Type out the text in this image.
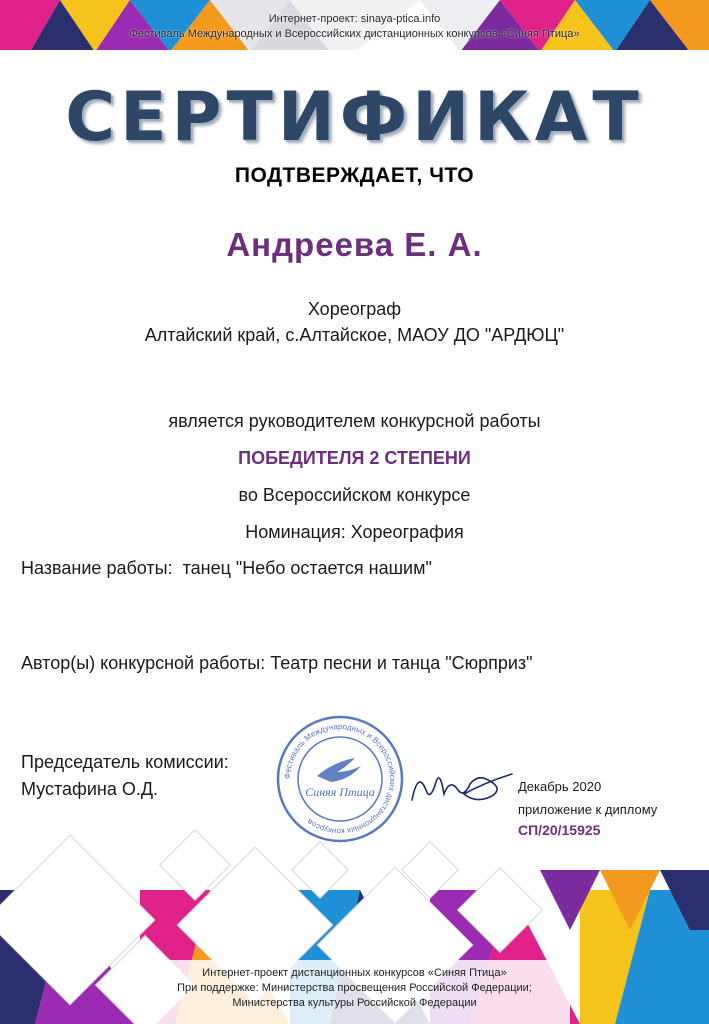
Интернет-проект: sinaya-ptica.info
Фестиваль Международных и Всероссийских дистанционных конкурсов «Синяя Птица»
СЕРТИФИКАТ
ПОДТВЕРЖДАЕТ, ЧТО
Андреева Е. А.
Хореограф
Алтайский край, с.Алтайское, МАОУ ДО "АРДЮЦ"
является руководителем конкурсной работы
ПОБЕДИТЕЛЯ 2 СТЕПЕНИ
во Всероссийском конкурсе
Номинация: Хореография
Название работы:  танец "Небо остается нашим"
Автор(ы) конкурсной работы: Театр песни и танца "Сюрприз"
Председатель комиссии:
Мустафина О.Д.
Фестиваль Международных и Всероссийских дистанционных конкурсов
Синяя Птица	Декабрь 2020
приложение к диплому
СП/20/15925
Интернет-проект дистанционных конкурсов «Синяя Птица»
При поддержке: Министерства просвещения Российской Федерации;
Министерства культуры Российской Федерации
